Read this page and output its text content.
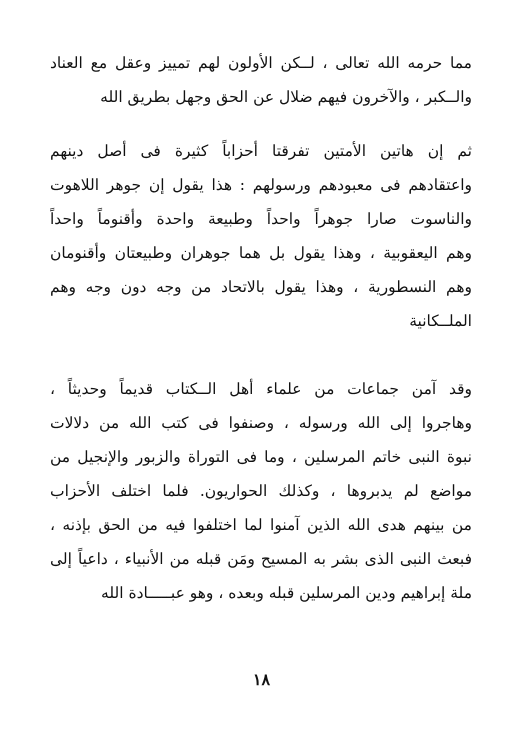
مما حرمه الله تعالى ، لــكن الأولون لهم تمييز وعقل مع العناد
والــكبر ، والآخرون فيهم ضلال عن الحق وجهل بطريق الله
ثم إن هاتين الأمتين تفرقتا أحزاباً كثيرة فى أصل دينهم
واعتقادهم فى معبودهم ورسولهم : هذا يقول إن جوهر اللاهوت
والناسوت صارا جوهراً واحداً وطبيعة واحدة وأقنوماً واحداً
وهم اليعقوبية ، وهذا يقول بل هما جوهران وطبيعتان وأقنومان
وهم النسطورية ، وهذا يقول بالاتحاد من وجه دون وجه وهم
الملــكانية
وقد آمن جماعات من علماء أهل الــكتاب قديماً وحديثاً ،
وهاجروا إلى الله ورسوله ، وصنفوا فى كتب الله من دلالات
نبوة النبى خاتم المرسلين ، وما فى التوراة والزبور والإنجيل من
مواضع لم يدبروها ، وكذلك الحواريون. فلما اختلف الأحزاب
من بينهم هدى الله الذين آمنوا لما اختلفوا فيه من الحق بإذنه ،
فبعث النبى الذى بشر به المسيح ومَن قبله من الأنبياء ، داعياً إلى
ملة إبراهيم ودين المرسلين قبله وبعده ، وهو عبـــــادة الله
١٨
